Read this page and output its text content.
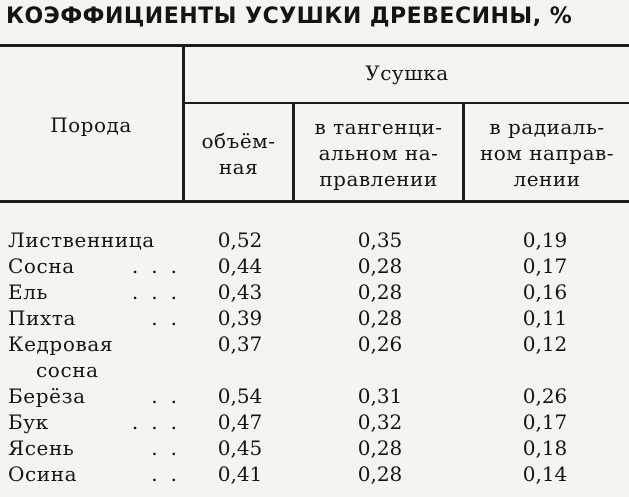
КОЭФФИЦИЕНТЫ УСУШКИ ДРЕВЕСИНЫ, %
Порода
Усушка
объём-
ная
в тангенци-
альном на-
правлении
в радиаль-
ном направ-
лении
Лиственница	0,52	0,35	0,19
Сосна	...	0,44	0,28	0,17
Ель	...	0,43	0,28	0,16
Пихта	..	0,39	0,28	0,11
Кедровая
сосна
0,37	0,26	0,12
Берёза	..	0,54	0,31	0,26
Бук	...	0,47	0,32	0,17
Ясень	..	0,45	0,28	0,18
Осина	..	0,41	0,28	0,14
